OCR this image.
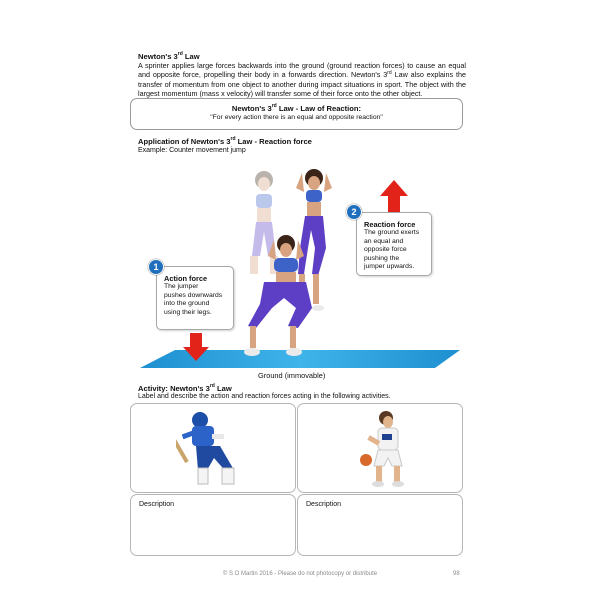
Newton's 3rd Law
A sprinter applies large forces backwards into the ground (ground reaction forces) to cause an equal and opposite force, propelling their body in a forwards direction. Newton's 3rd Law also explains the transfer of momentum from one object to another during impact situations in sport. The object with the largest momentum (mass x velocity) will transfer some of their force onto the other object.
Newton's 3rd Law - Law of Reaction:
"For every action there is an equal and opposite reaction"
Application of Newton's 3rd Law - Reaction force
Example: Counter movement jump
Ground (immovable)
Action force
The jumper
pushes downwards
into the ground
using their legs.
1
Reaction force
The ground exerts
an equal and
opposite force
pushing the
jumper upwards.
2
Activity: Newton's 3rd Law
Label and describe the action and reaction forces acting in the following activities.
Description	Description
© S O Martin 2016 - Please do not photocopy or distribute	98
